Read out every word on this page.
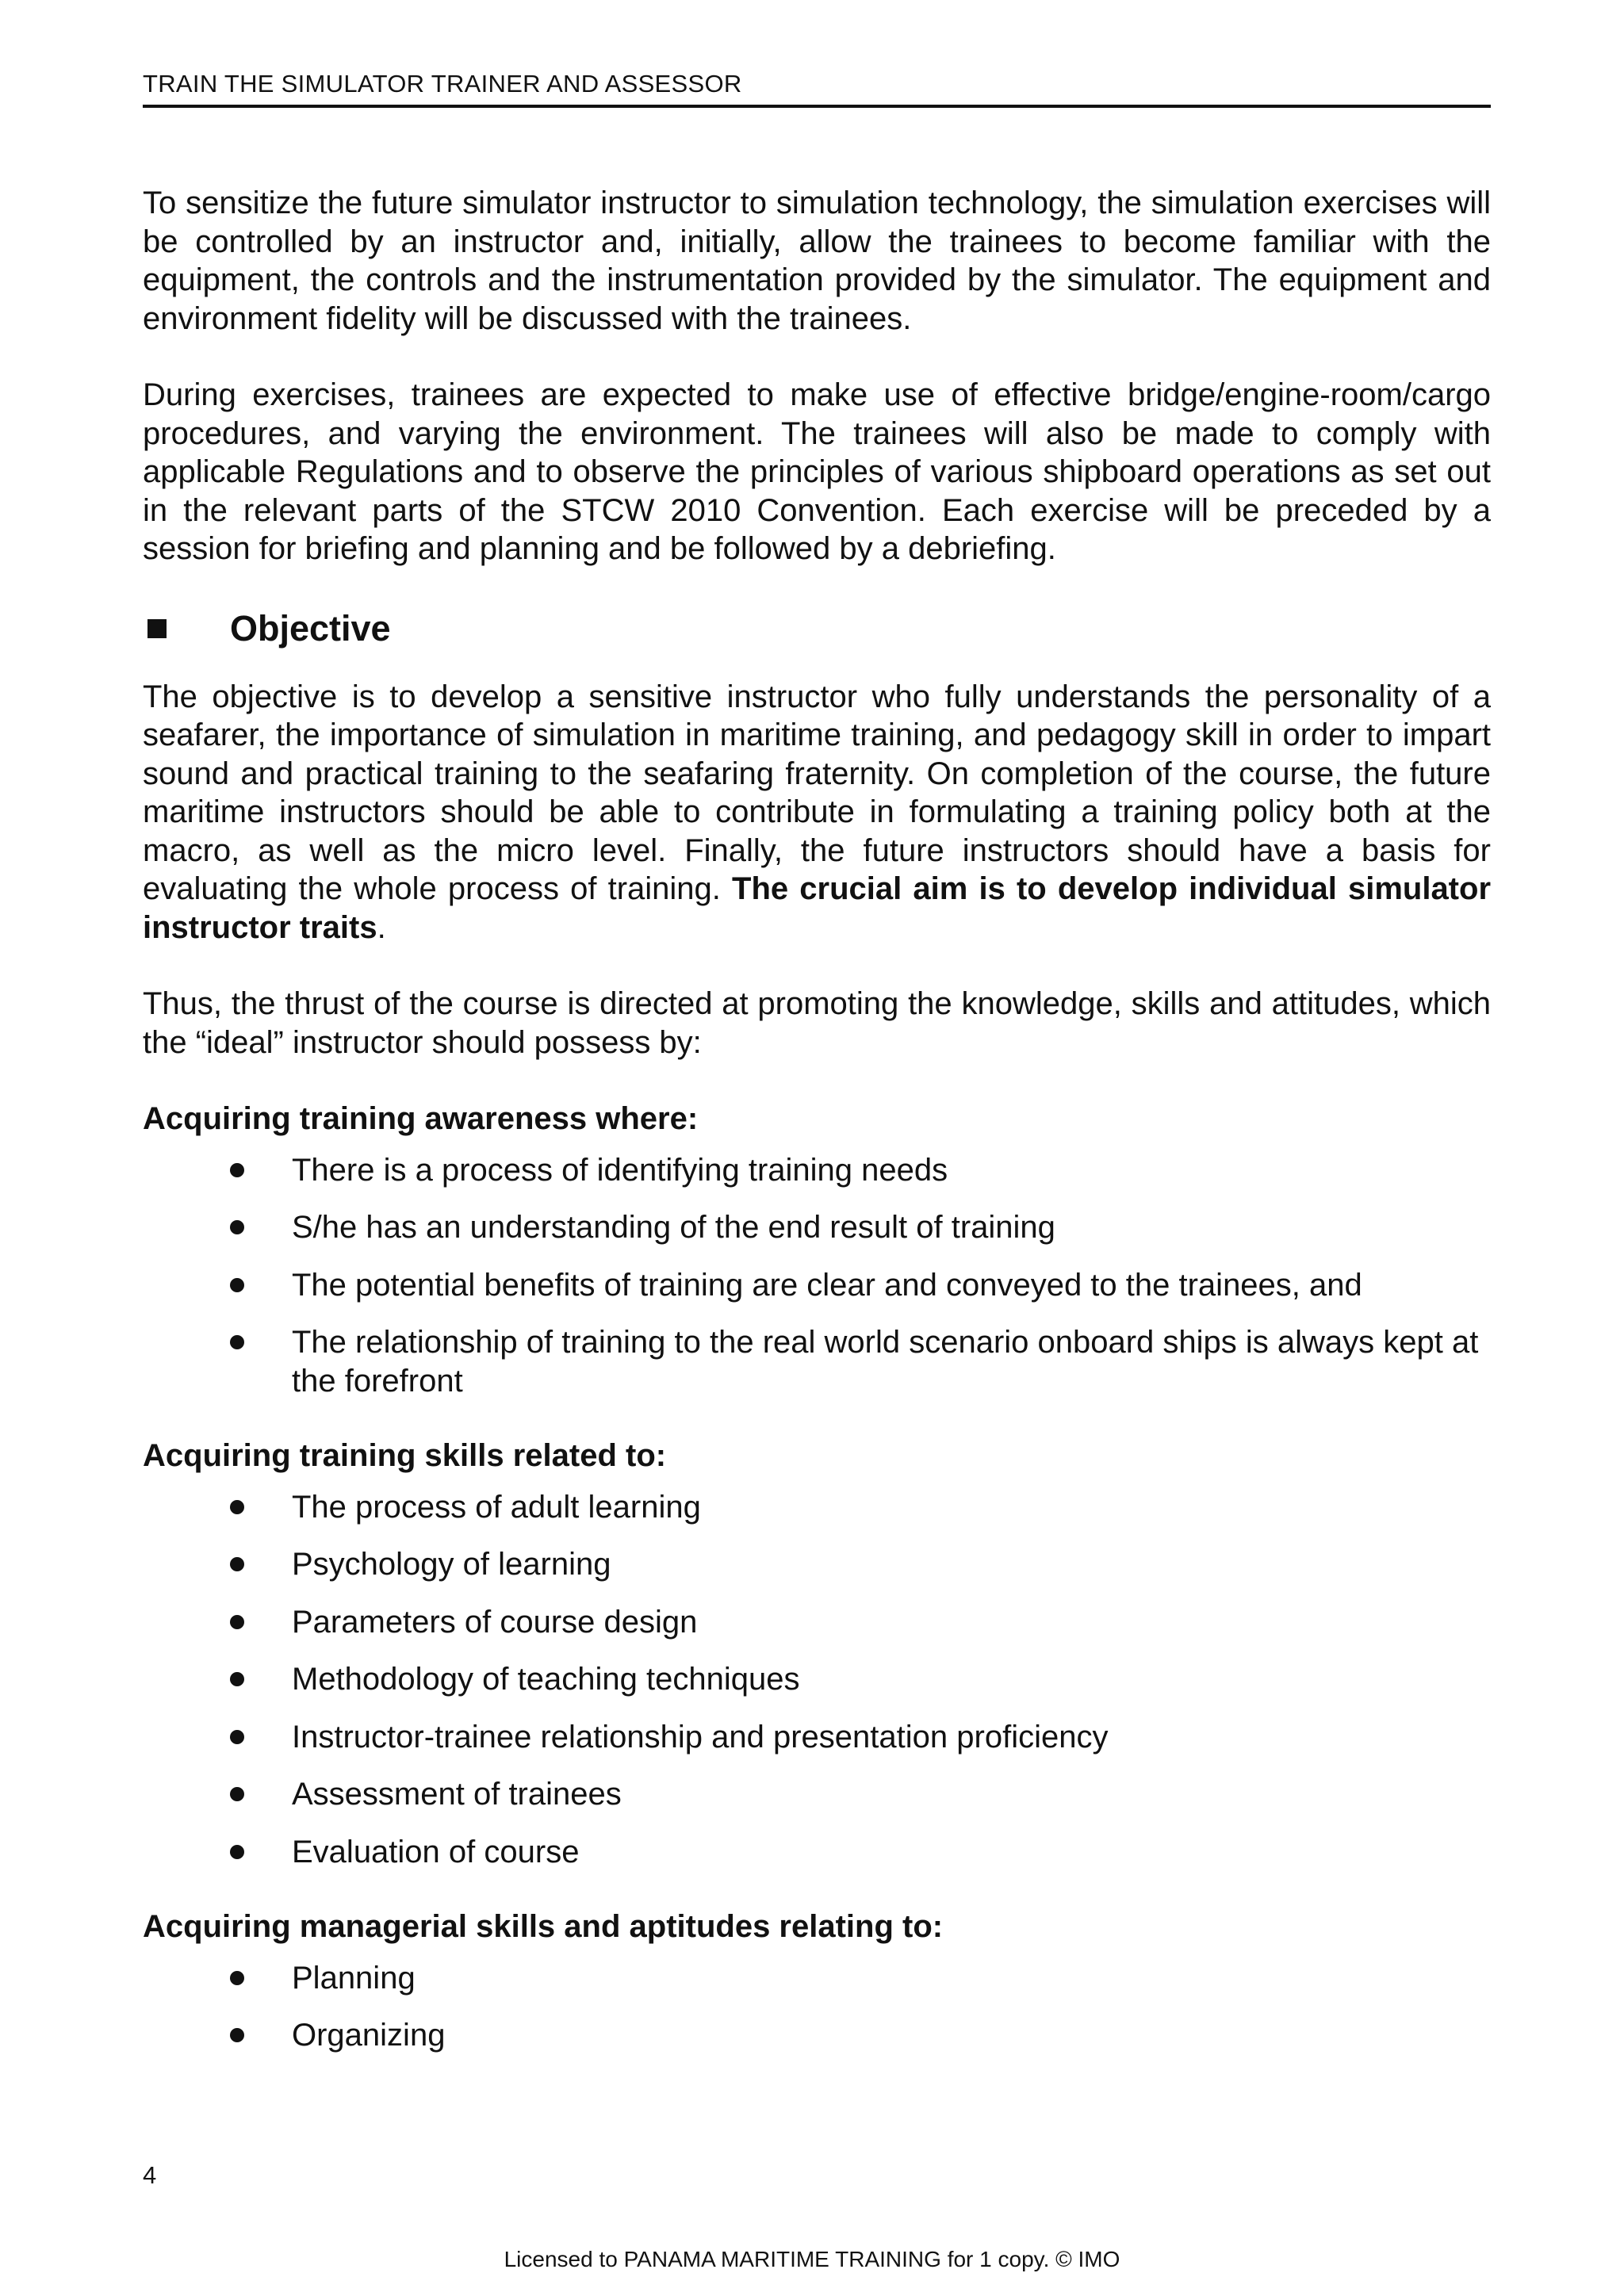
TRAIN THE SIMULATOR TRAINER AND ASSESSOR

To sensitize the future simulator instructor to simulation technology, the simulation exercises will be controlled by an instructor and, initially, allow the trainees to become familiar with the equipment, the controls and the instrumentation provided by the simulator. The equipment and environment fidelity will be discussed with the trainees.

During exercises, trainees are expected to make use of effective bridge/engine-room/cargo procedures, and varying the environment. The trainees will also be made to comply with applicable Regulations and to observe the principles of various shipboard operations as set out in the relevant parts of the STCW 2010 Convention. Each exercise will be preceded by a session for briefing and planning and be followed by a debriefing.

Objective

The objective is to develop a sensitive instructor who fully understands the personality of a seafarer, the importance of simulation in maritime training, and pedagogy skill in order to impart sound and practical training to the seafaring fraternity. On completion of the course, the future maritime instructors should be able to contribute in formulating a training policy both at the macro, as well as the micro level. Finally, the future instructors should have a basis for evaluating the whole process of training. The crucial aim is to develop individual simulator instructor traits.

Thus, the thrust of the course is directed at promoting the knowledge, skills and attitudes, which the “ideal” instructor should possess by:

Acquiring training awareness where:
There is a process of identifying training needs
S/he has an understanding of the end result of training
The potential benefits of training are clear and conveyed to the trainees, and
The relationship of training to the real world scenario onboard ships is always kept at the forefront
Acquiring training skills related to:
The process of adult learning
Psychology of learning
Parameters of course design
Methodology of teaching techniques
Instructor-trainee relationship and presentation proficiency
Assessment of trainees
Evaluation of course
Acquiring managerial skills and aptitudes relating to:
Planning
Organizing
4
Licensed to PANAMA MARITIME TRAINING for 1 copy. © IMO
